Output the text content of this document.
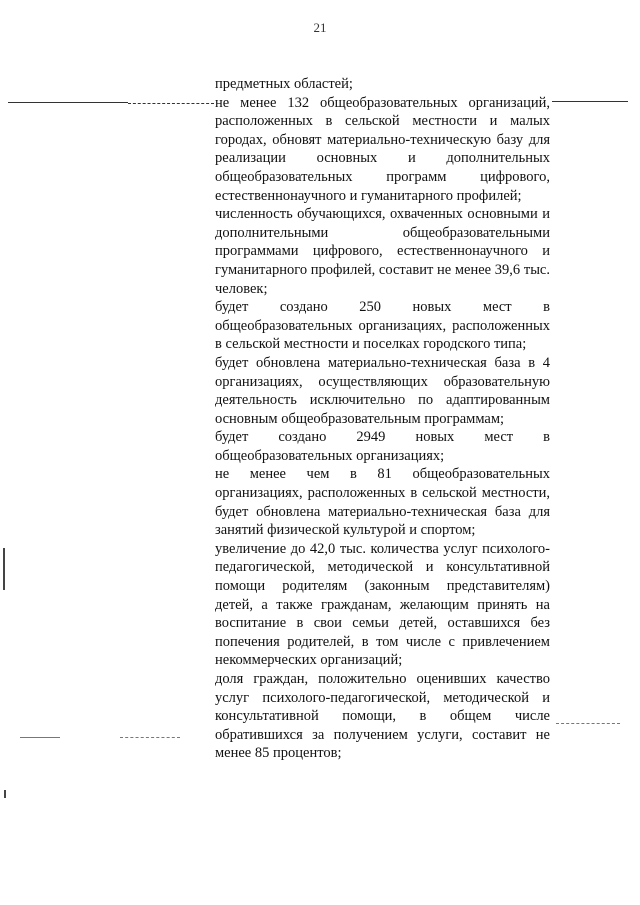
21

предметных областей;

не менее 132 общеобразовательных организаций, расположенных в сельской местности и малых городах, обновят материально-техническую базу для реализации основных и дополнительных общеобразовательных программ цифрового, естественнонаучного и гуманитарного профилей;

численность обучающихся, охваченных основными и дополнительными общеобразовательными программами цифрового, естественнонаучного и гуманитарного профилей, составит не менее 39,6 тыс. человек;

будет создано 250 новых мест в общеобразовательных организациях, расположенных в сельской местности и поселках городского типа;

будет обновлена материально-техническая база в 4 организациях, осуществляющих образовательную деятельность исключительно по адаптированным основным общеобразовательным программам;

будет создано 2949 новых мест в общеобразовательных организациях;

не менее чем в 81 общеобразовательных организациях, расположенных в сельской местности, будет обновлена материально-техническая база для занятий физической культурой и спортом;

увеличение до 42,0 тыс. количества услуг психолого-педагогической, методической и консультативной помощи родителям (законным представителям) детей, а также гражданам, желающим принять на воспитание в свои семьи детей, оставшихся без попечения родителей, в том числе с привлечением некоммерческих организаций;

доля граждан, положительно оценивших качество услуг психолого-педагогической, методической и консультативной помощи, в общем числе обратившихся за получением услуги, составит не менее 85 процентов;
